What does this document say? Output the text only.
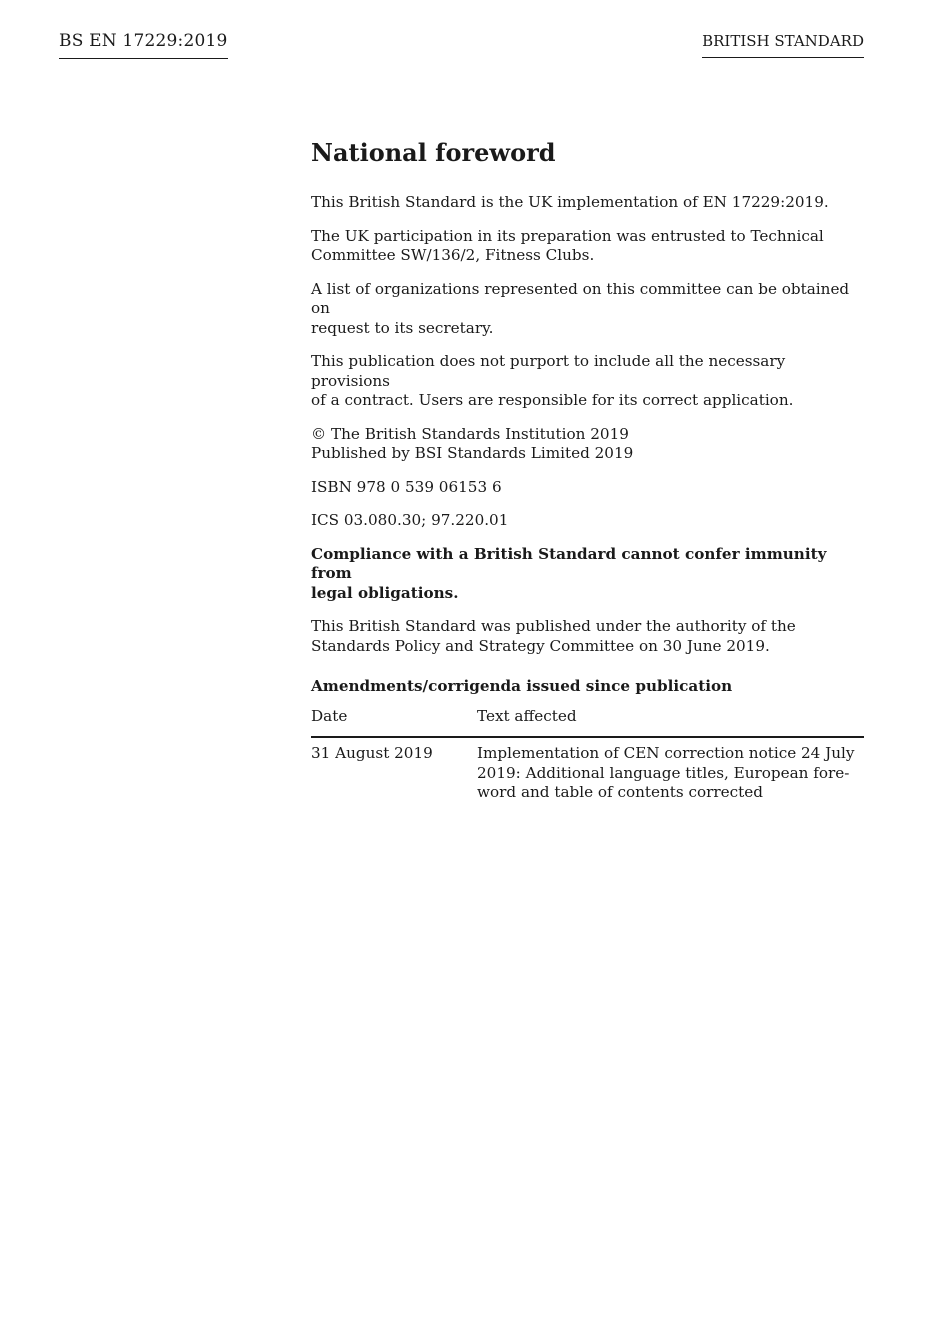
BS EN 17229:2019	BRITISH STANDARD
National foreword

This British Standard is the UK implementation of EN 17229:2019.

The UK participation in its preparation was entrusted to Technical
Committee SW/136/2, Fitness Clubs.

A list of organizations represented on this committee can be obtained on
request to its secretary.

This publication does not purport to include all the necessary provisions
of a contract. Users are responsible for its correct application.

© The British Standards Institution 2019
Published by BSI Standards Limited 2019

ISBN 978 0 539 06153 6

ICS 03.080.30; 97.220.01

Compliance with a British Standard cannot confer immunity from
legal obligations.

This British Standard was published under the authority of the
Standards Policy and Strategy Committee on 30 June 2019.

Amendments/corrigenda issued since publication
Date	Text affected
31 August 2019	Implementation of CEN correction notice 24 July
2019: Additional language titles, European fore-
word and table of contents corrected
